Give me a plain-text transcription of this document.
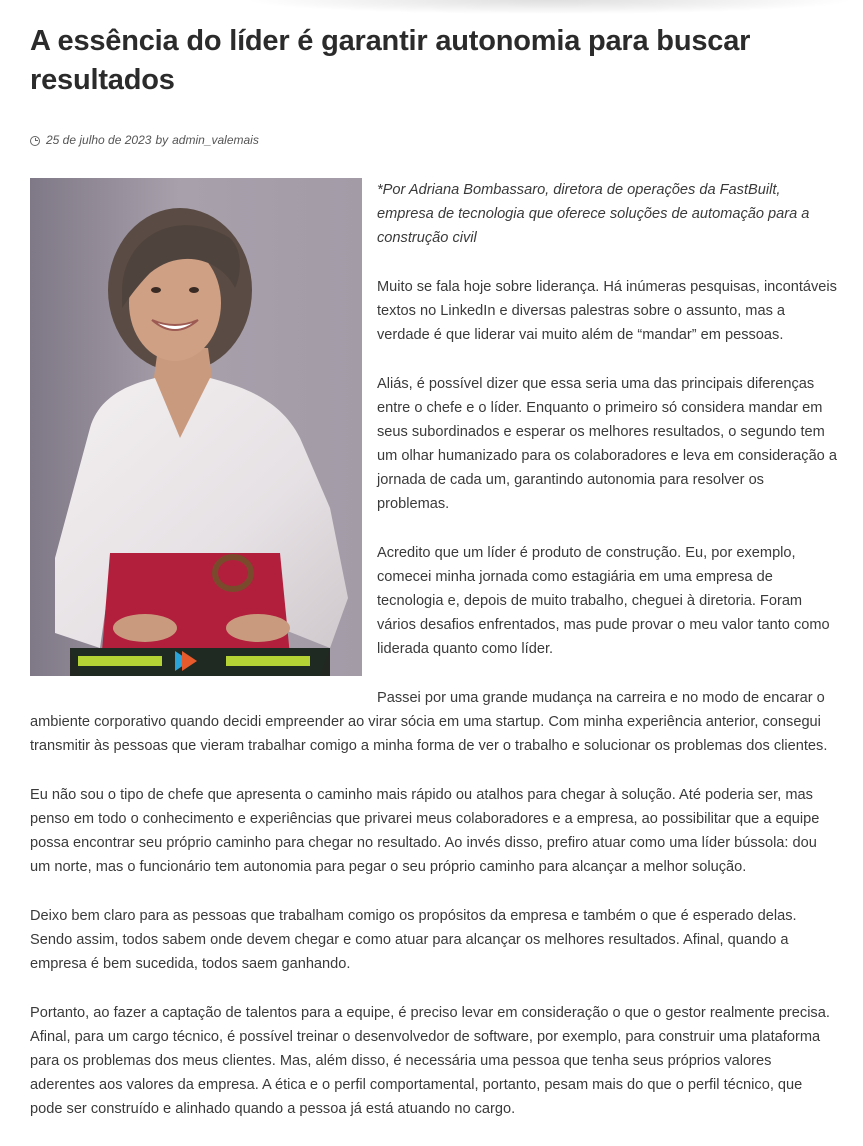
A essência do líder é garantir autonomia para buscar resultados
25 de julho de 2023 by admin_valemais

*Por Adriana Bombassaro, diretora de operações da FastBuilt, empresa de tecnologia que oferece soluções de automação para a construção civil

Muito se fala hoje sobre liderança. Há inúmeras pesquisas, incontáveis textos no LinkedIn e diversas palestras sobre o assunto, mas a verdade é que liderar vai muito além de “mandar” em pessoas.

Aliás, é possível dizer que essa seria uma das principais diferenças entre o chefe e o líder. Enquanto o primeiro só considera mandar em seus subordinados e esperar os melhores resultados, o segundo tem um olhar humanizado para os colaboradores e leva em consideração a jornada de cada um, garantindo autonomia para resolver os problemas.

Acredito que um líder é produto de construção. Eu, por exemplo, comecei minha jornada como estagiária em uma empresa de tecnologia e, depois de muito trabalho, cheguei à diretoria. Foram vários desafios enfrentados, mas pude provar o meu valor tanto como liderada quanto como líder.

Passei por uma grande mudança na carreira e no modo de encarar o ambiente corporativo quando decidi empreender ao virar sócia em uma startup. Com minha experiência anterior, consegui transmitir às pessoas que vieram trabalhar comigo a minha forma de ver o trabalho e solucionar os problemas dos clientes.

Eu não sou o tipo de chefe que apresenta o caminho mais rápido ou atalhos para chegar à solução. Até poderia ser, mas penso em todo o conhecimento e experiências que privarei meus colaboradores e a empresa, ao possibilitar que a equipe possa encontrar seu próprio caminho para chegar no resultado. Ao invés disso, prefiro atuar como uma líder bússola: dou um norte, mas o funcionário tem autonomia para pegar o seu próprio caminho para alcançar a melhor solução.

Deixo bem claro para as pessoas que trabalham comigo os propósitos da empresa e também o que é esperado delas. Sendo assim, todos sabem onde devem chegar e como atuar para alcançar os melhores resultados. Afinal, quando a empresa é bem sucedida, todos saem ganhando.

Portanto, ao fazer a captação de talentos para a equipe, é preciso levar em consideração o que o gestor realmente precisa. Afinal, para um cargo técnico, é possível treinar o desenvolvedor de software, por exemplo, para construir uma plataforma para os problemas dos meus clientes. Mas, além disso, é necessária uma pessoa que tenha seus próprios valores aderentes aos valores da empresa. A ética e o perfil comportamental, portanto, pesam mais do que o perfil técnico, que pode ser construído e alinhado quando a pessoa já está atuando no cargo.
